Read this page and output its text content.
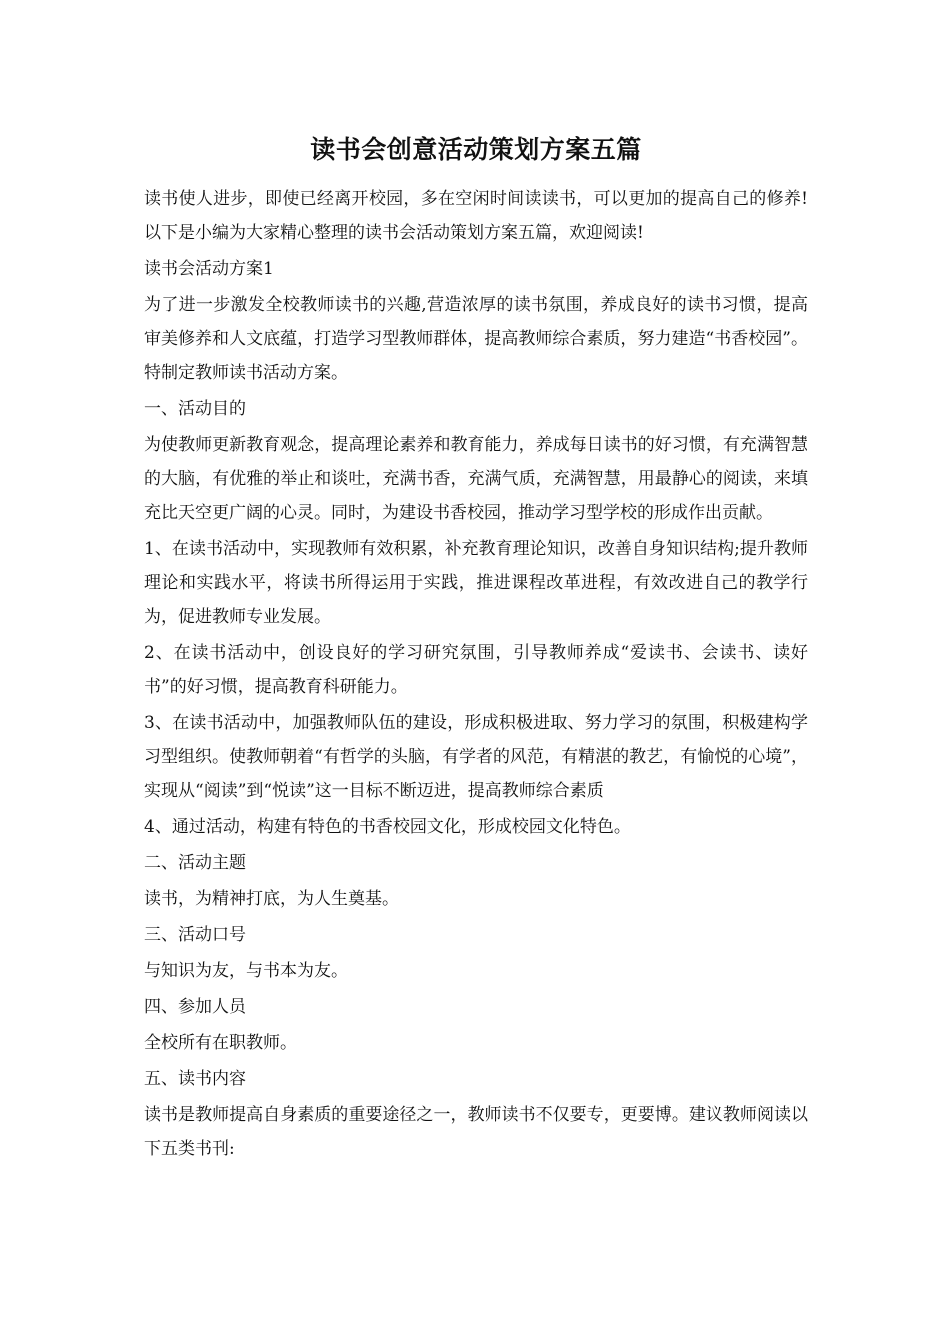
读书会创意活动策划方案五篇

读书使人进步，即使已经离开校园，多在空闲时间读读书，可以更加的提高自己的修养!以下是小编为大家精心整理的读书会活动策划方案五篇，欢迎阅读!

读书会活动方案1

为了进一步激发全校教师读书的兴趣,营造浓厚的读书氛围，养成良好的读书习惯，提高审美修养和人文底蕴，打造学习型教师群体，提高教师综合素质，努力建造“书香校园”。特制定教师读书活动方案。

一、活动目的

为使教师更新教育观念，提高理论素养和教育能力，养成每日读书的好习惯，有充满智慧的大脑，有优雅的举止和谈吐，充满书香，充满气质，充满智慧，用最静心的阅读，来填充比天空更广阔的心灵。同时，为建设书香校园，推动学习型学校的形成作出贡献。

1、在读书活动中，实现教师有效积累，补充教育理论知识，改善自身知识结构;提升教师理论和实践水平，将读书所得运用于实践，推进课程改革进程，有效改进自己的教学行为，促进教师专业发展。

2、在读书活动中，创设良好的学习研究氛围，引导教师养成“爱读书、会读书、读好书”的好习惯，提高教育科研能力。

3、在读书活动中，加强教师队伍的建设，形成积极进取、努力学习的氛围，积极建构学习型组织。使教师朝着“有哲学的头脑，有学者的风范，有精湛的教艺，有愉悦的心境”，实现从“阅读”到“悦读”这一目标不断迈进，提高教师综合素质

4、通过活动，构建有特色的书香校园文化，形成校园文化特色。

二、活动主题

读书，为精神打底，为人生奠基。

三、活动口号

与知识为友，与书本为友。

四、参加人员

全校所有在职教师。

五、读书内容

读书是教师提高自身素质的重要途径之一，教师读书不仅要专，更要博。建议教师阅读以下五类书刊:
